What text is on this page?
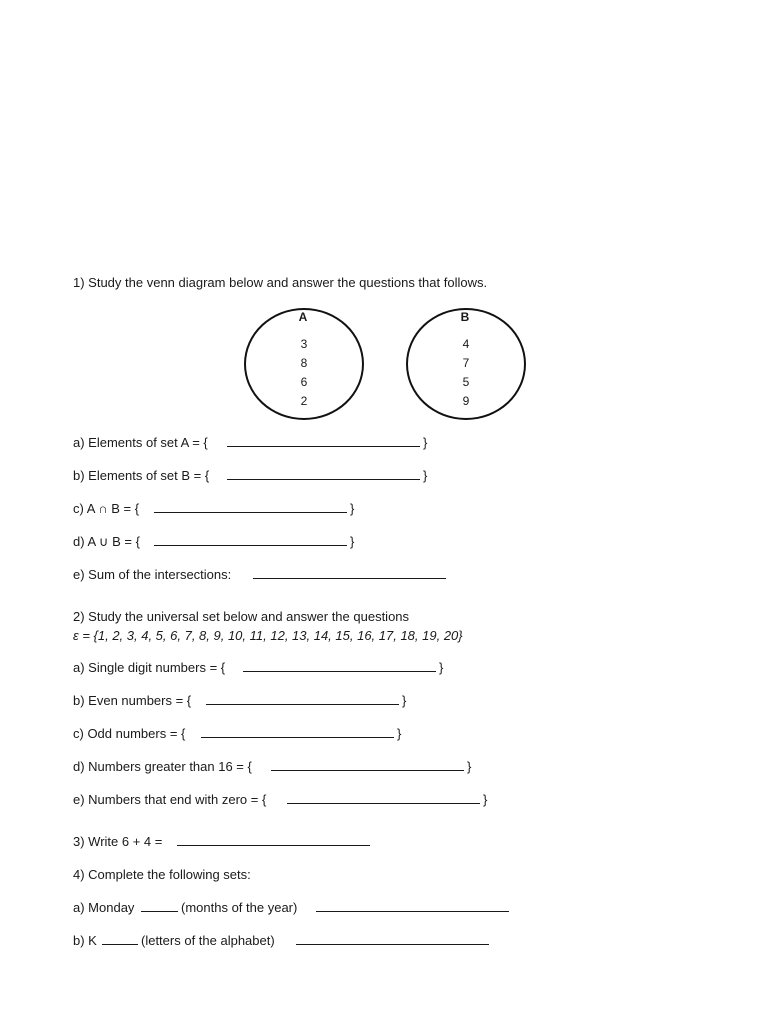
1) Study the venn diagram below and answer the questions that follows.
A
3
8
6
2
B
4
7
5
9
a) Elements of set A = {	}
b) Elements of set B = {	}
c) A ∩ B = {	}
d) A ∪ B = {	}
e) Sum of the intersections:
2) Study the universal set below and answer the questions
ε = {1, 2, 3, 4, 5, 6, 7, 8, 9, 10, 11, 12, 13, 14, 15, 16, 17, 18, 19, 20}
a) Single digit numbers = {	}
b) Even numbers = {	}
c) Odd numbers = {	}
d) Numbers greater than 16 = {	}
e) Numbers that end with zero = {	}
3) Write 6 + 4 =
4) Complete the following sets:
a) Monday	(months of the year)
b) K	(letters of the alphabet)
